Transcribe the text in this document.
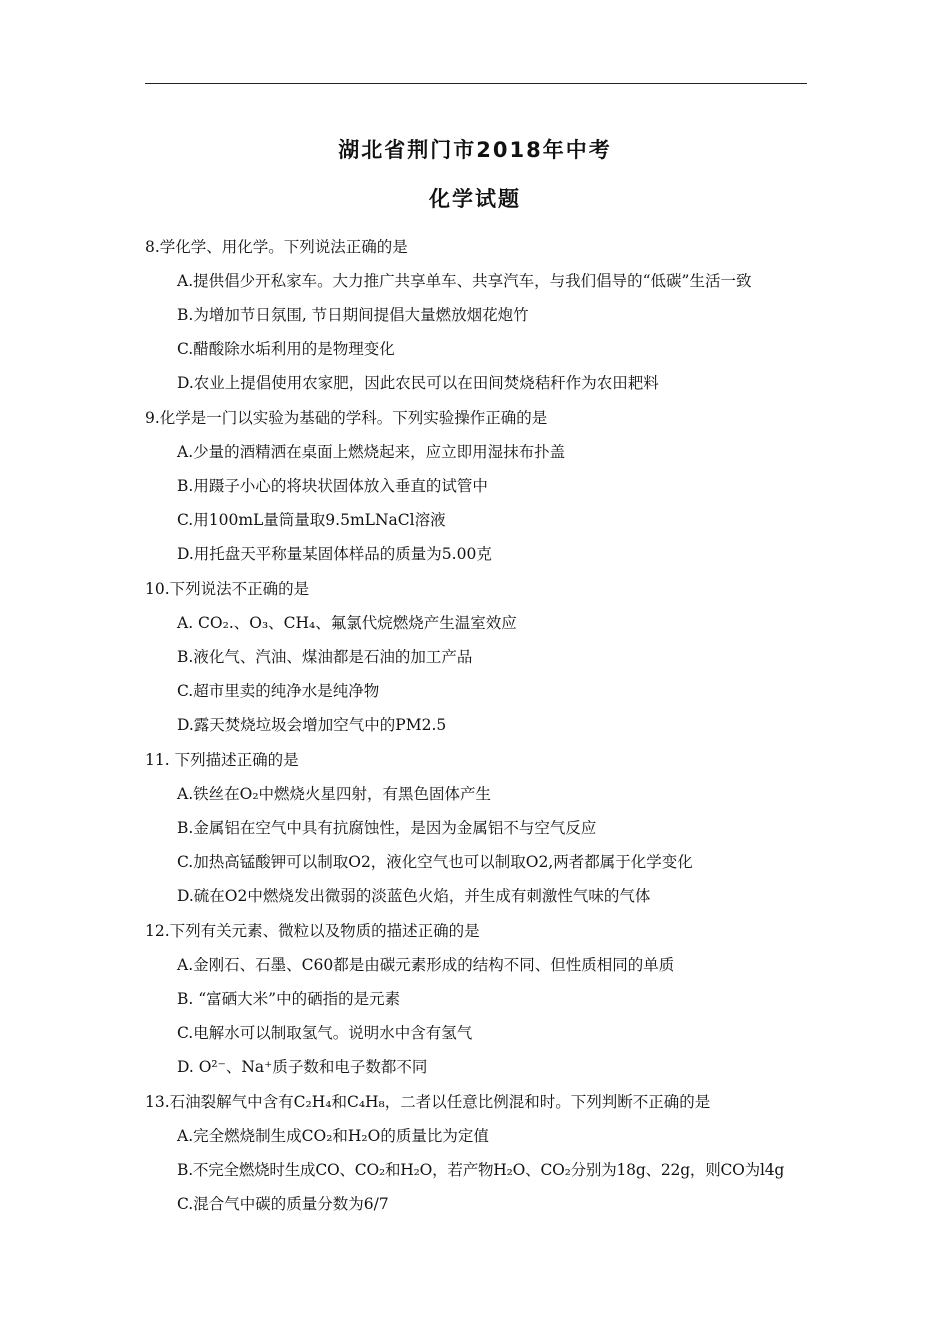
湖北省荆门市2018年中考
化学试题
8.学化学、用化学。下列说法正确的是
A.提供倡少开私家车。大力推广共享单车、共享汽车，与我们倡导的“低碳”生活一致
B.为增加节日氛围, 节日期间提倡大量燃放烟花炮竹
C.醋酸除水垢利用的是物理变化
D.农业上提倡使用农家肥，因此农民可以在田间焚烧秸秆作为农田耙料
9.化学是一门以实验为基础的学科。下列实验操作正确的是
A.少量的酒精洒在桌面上燃烧起来，应立即用湿抹布扑盖
B.用蹑子小心的将块状固体放入垂直的试管中
C.用100mL量筒量取9.5mLNaCl溶液
D.用托盘天平称量某固体样品的质量为5.00克
10.下列说法不正确的是
A. CO₂.、O₃、CH₄、氟氯代烷燃烧产生温室效应
B.液化气、汽油、煤油都是石油的加工产品
C.超市里卖的纯净水是纯净物
D.露天焚烧垃圾会增加空气中的PM2.5
11. 下列描述正确的是
A.铁丝在O₂中燃烧火星四射，有黑色固体产生
B.金属铝在空气中具有抗腐蚀性，是因为金属铝不与空气反应
C.加热高锰酸钾可以制取O2，液化空气也可以制取O2,两者都属于化学变化
D.硫在O2中燃烧发出微弱的淡蓝色火焰，并生成有刺激性气味的气体
12.下列有关元素、微粒以及物质的描述正确的是
A.金刚石、石墨、C60都是由碳元素形成的结构不同、但性质相同的单质
B. “富硒大米”中的硒指的是元素
C.电解水可以制取氢气。说明水中含有氢气
D. O²⁻、Na⁺质子数和电子数都不同
13.石油裂解气中含有C₂H₄和C₄H₈，二者以任意比例混和时。下列判断不正确的是
A.完全燃烧制生成CO₂和H₂O的质量比为定值
B.不完全燃烧时生成CO、CO₂和H₂O，若产物H₂O、CO₂分别为18g、22g，则CO为l4g
C.混合气中碳的质量分数为6/7
